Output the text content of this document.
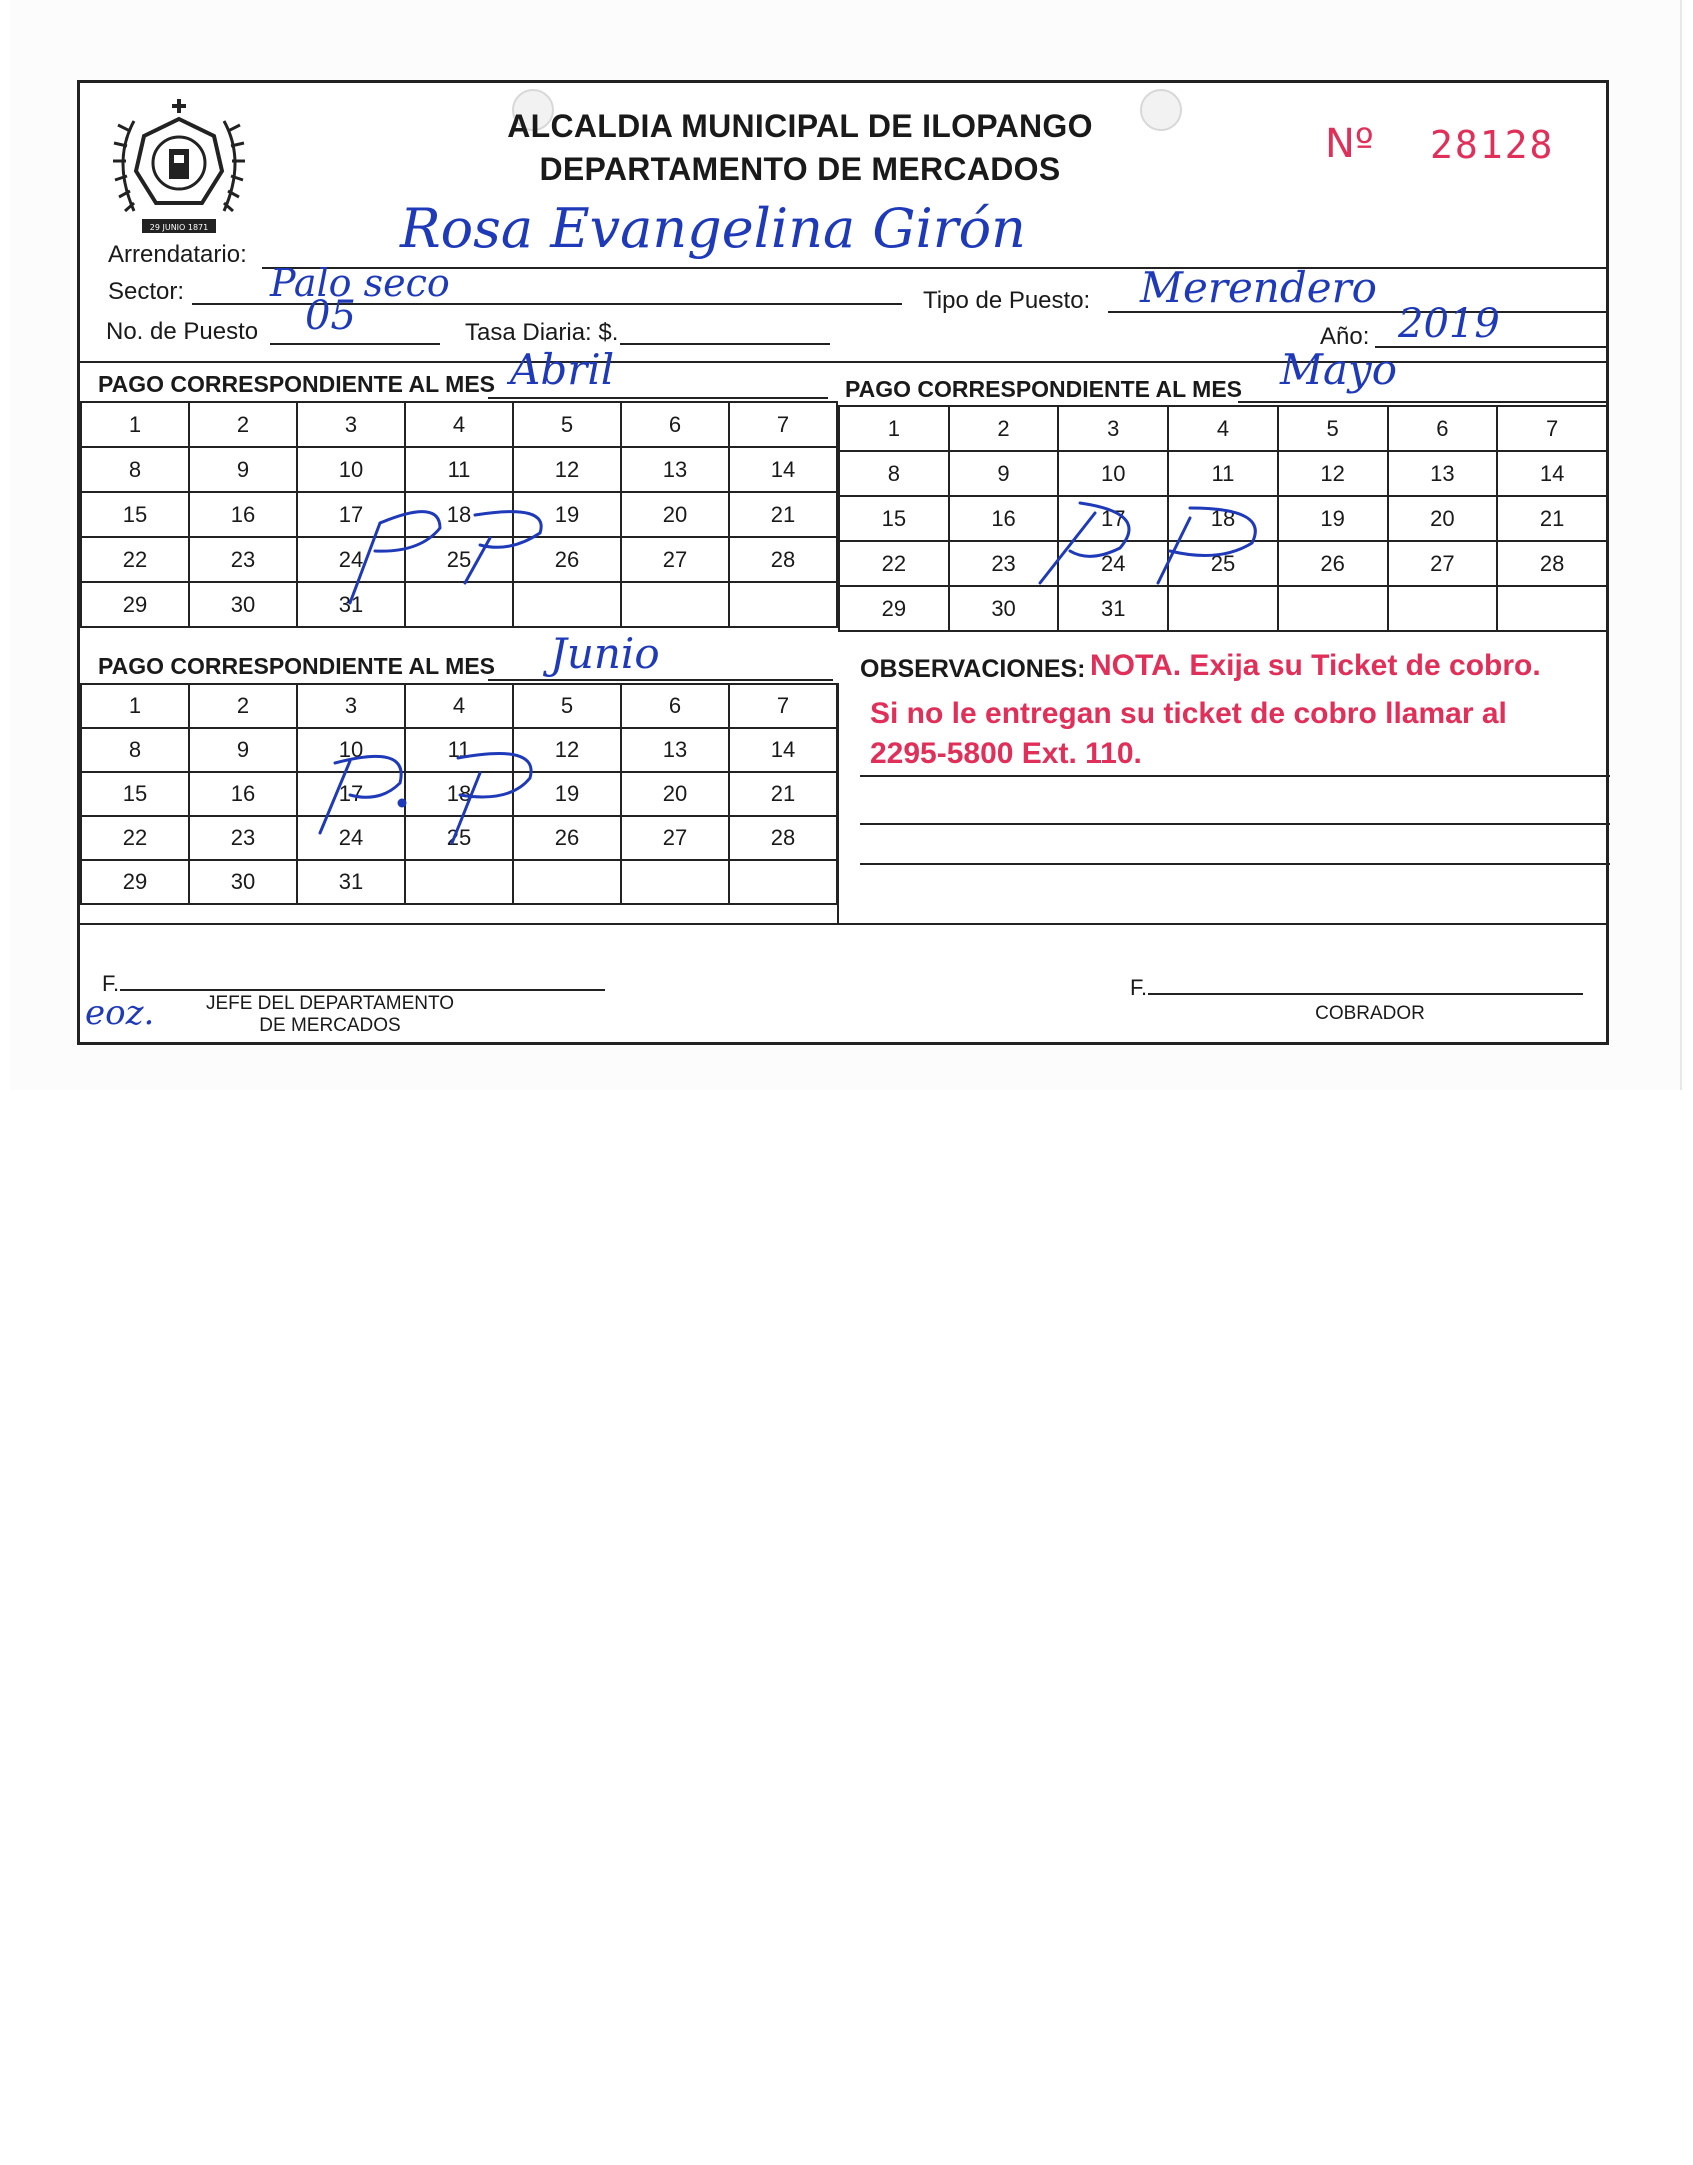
29 JUNIO 1871
ALCALDIA MUNICIPAL DE ILOPANGO
DEPARTAMENTO DE MERCADOS
Nº 28128
Arrendatario:	Rosa Evangelina Girón
Sector: Palo seco	Tipo de Puesto: Merendero
No. de Puesto 05	Tasa Diaria: $.	Año: 2019
PAGO CORRESPONDIENTE AL MES Abril
1	2	3	4	5	6	7
8	9	10	11	12	13	14
15	16	17	18	19	20	21
22	23	24	25	26	27	28
29	30	31				
PAGO CORRESPONDIENTE AL MES Mayo
1	2	3	4	5	6	7
8	9	10	11	12	13	14
15	16	17	18	19	20	21
22	23	24	25	26	27	28
29	30	31				
PAGO CORRESPONDIENTE AL MES Junio
1	2	3	4	5	6	7
8	9	10	11	12	13	14
15	16	17	18	19	20	21
22	23	24	25	26	27	28
29	30	31				
OBSERVACIONES: NOTA. Exija su Ticket de cobro.
Si no le entregan su ticket de cobro llamar al
2295-5800 Ext. 110.
F.
JEFE DEL DEPARTAMENTO
DE MERCADOS
eoz.
F.
COBRADOR
